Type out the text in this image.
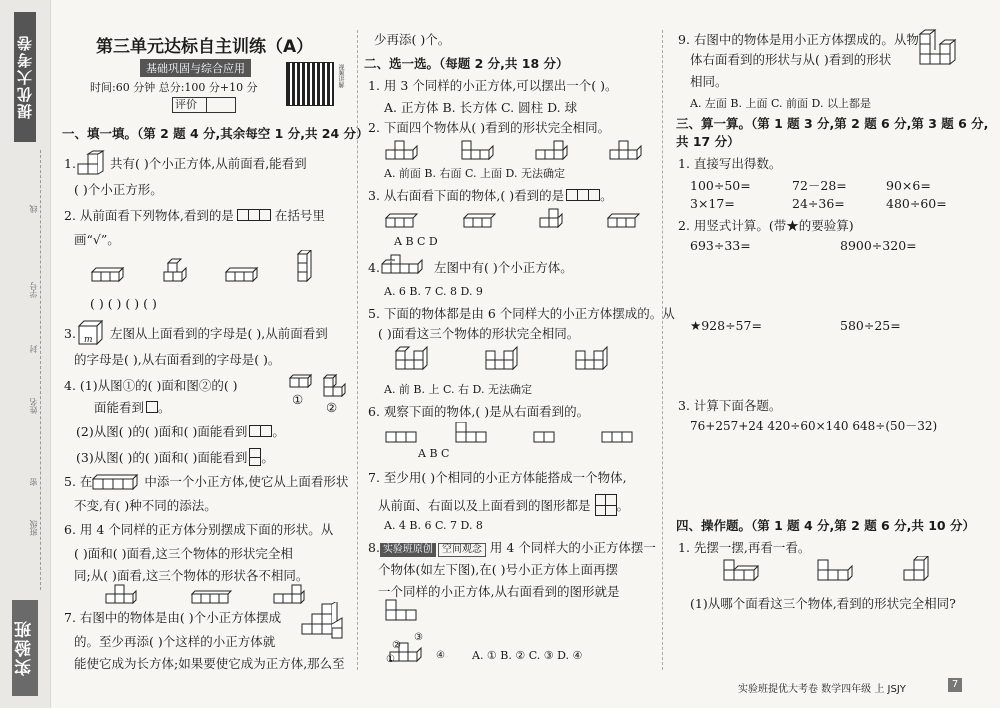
提优大考卷
线
学号
封
姓名
密
班级
实验班
第三单元达标自主训练（A）
基础巩固与综合应用	视频讲解
时间:60 分钟 总分:100 分+10 分
评价
一、填一填。（第 2 题 4 分,其余每空 1 分,共 24 分）
1.	共有( )个小正方体,从前面看,能看到
( )个小正方形。
2. 从前面看下列物体,看到的是	在括号里
画“√”。
( ) ( ) ( ) ( )
3. m 左图从上面看到的字母是( ),从前面看到
的字母是( ),从右面看到的字母是( )。
4. (1)从图①的( )面和图②的( )
①
②
面能看到 。
(2)从图( )的( )面和( )面能看到 。
(3)从图( )的( )面和( )面能看到 。
5. 在	中添一个小正方体,使它从上面看形状
不变,有( )种不同的添法。
6. 用 4 个同样的正方体分别摆成下面的形状。从
( )面和( )面看,这三个物体的形状完全相
同;从( )面看,这三个物体的形状各不相同。
7. 右图中的物体是由( )个小正方体摆成
的。至少再添( )个这样的小正方体就
能使它成为长方体;如果要使它成为正方体,那么至
少再添( )个。
二、选一选。（每题 2 分,共 18 分）
1. 用 3 个同样的小正方体,可以摆出一个( )。
A. 正方体 B. 长方体 C. 圆柱 D. 球
2. 下面四个物体从( )看到的形状完全相同。
A. 前面 B. 右面 C. 上面 D. 无法确定
3. 从右面看下面的物体,( )看到的是	。
A B C D
4.	左图中有( )个小正方体。
A. 6 B. 7 C. 8 D. 9
5. 下面的物体都是由 6 个同样大的小正方体摆成的。从
( )面看这三个物体的形状完全相同。
A. 前 B. 上 C. 右 D. 无法确定
6. 观察下面的物体,( )是从右面看到的。
A B C
7. 至少用( )个相同的小正方体能搭成一个物体,
从前面、右面以及上面看到的图形都是 。
A. 4 B. 6 C. 7 D. 8
8. 实验班原创 空间观念 用 4 个同样大的小正方体摆一
个物体(如左下图),在( )号小正方体上面再摆
一个同样的小正方体,从右面看到的图形就是
②
③
①	④ A. ① B. ② C. ③ D. ④
9. 右图中的物体是用小正方体摆成的。从物
体右面看到的形状与从( )看到的形状
相同。
A. 左面 B. 上面 C. 前面 D. 以上都是
三、算一算。（第 1 题 3 分,第 2 题 6 分,第 3 题 6 分,
共 17 分）
1. 直接写出得数。
100÷50=	72－28=	90×6=
3×17=	24÷36=	480÷60=
2. 用竖式计算。(带★的要验算)
693÷33=	8900÷320=
★928÷57=	580÷25=
3. 计算下面各题。
76+257+24 420÷60×140 648÷(50－32)
四、操作题。（第 1 题 4 分,第 2 题 6 分,共 10 分）
1. 先摆一摆,再看一看。
(1)从哪个面看这三个物体,看到的形状完全相同?
实验班提优大考卷 数学四年级 上 JSJY	7
